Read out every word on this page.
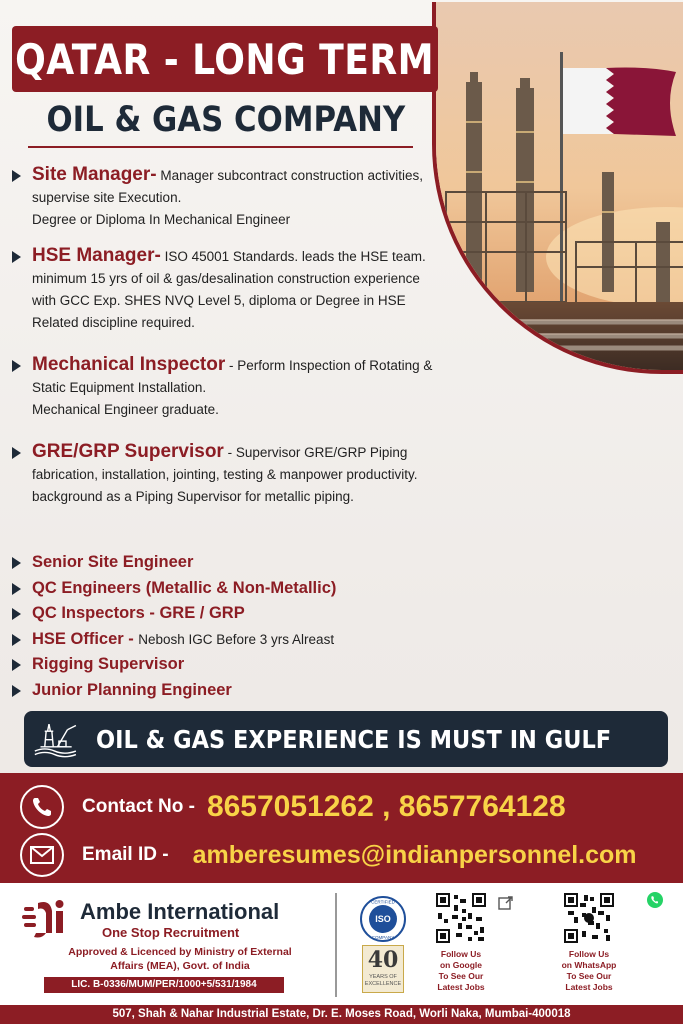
QATAR - LONG TERM
OIL & GAS COMPANY
Site Manager- Manager subcontract construction activities, supervise site Execution.
Degree or Diploma In Mechanical Engineer
HSE Manager- ISO 45001 Standards. leads the HSE team. minimum 15 yrs of oil & gas/desalination construction experience with GCC Exp. SHES NVQ Level 5, diploma or Degree in HSE Related discipline required.
Mechanical Inspector - Perform Inspection of Rotating & Static Equipment Installation.
Mechanical Engineer graduate.
GRE/GRP Supervisor - Supervisor GRE/GRP Piping fabrication, installation, jointing, testing & manpower productivity. background as a Piping Supervisor for metallic piping.
Senior Site Engineer
QC Engineers (Metallic & Non-Metallic)
QC Inspectors - GRE / GRP
HSE Officer - Nebosh IGC Before 3 yrs Alreast
Rigging Supervisor
Junior Planning Engineer
OIL & GAS EXPERIENCE IS MUST IN GULF
Contact No - 8657051262 , 8657764128
Email ID - amberesumes@indianpersonnel.com
Ambe International
One Stop Recruitment
Approved & Licenced by Ministry of External
Affairs (MEA), Govt. of India
LIC. B-0336/MUM/PER/1000+5/531/1984
ISO
CERTIFIED
COMPANY
40
YEARS OF EXCELLENCE
Follow Us
on Google
To See Our
Latest Jobs
Follow Us
on WhatsApp
To See Our
Latest Jobs
507, Shah & Nahar Industrial Estate, Dr. E. Moses Road, Worli Naka, Mumbai-400018
